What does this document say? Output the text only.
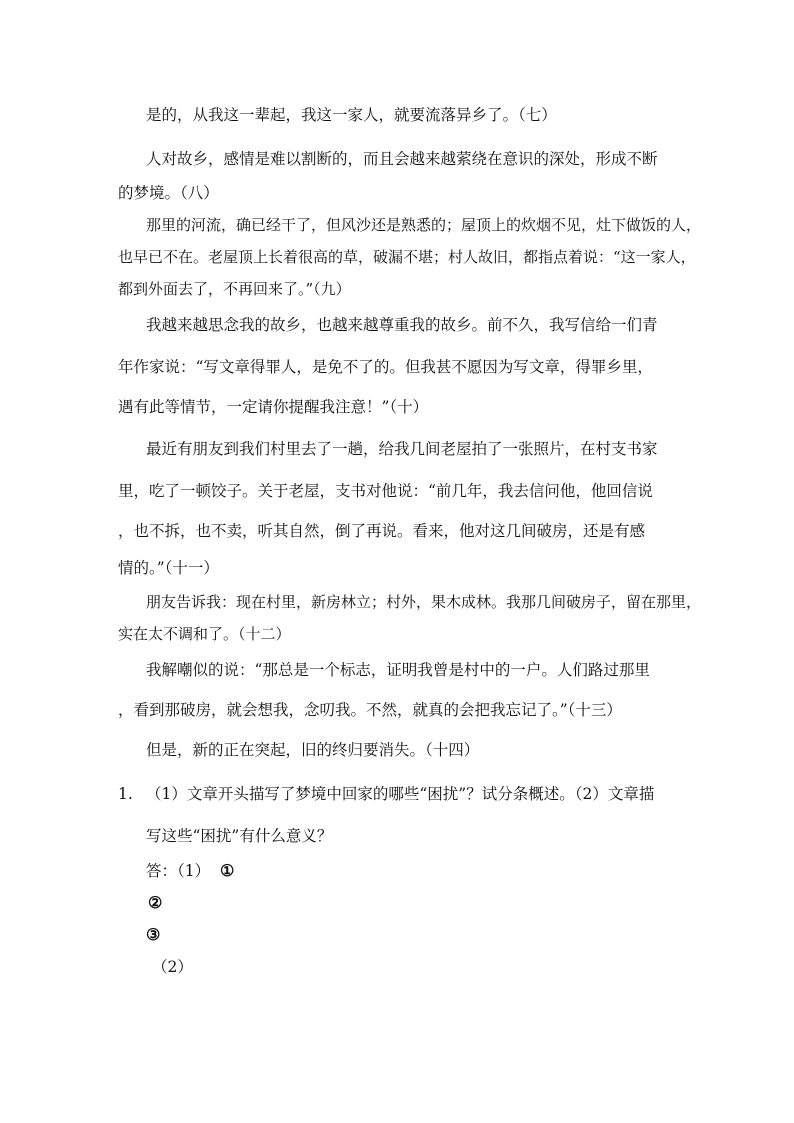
是的，从我这一辈起，我这一家人，就要流落异乡了。（七）
人对故乡，感情是难以割断的，而且会越来越萦绕在意识的深处，形成不断
的梦境。（八）
那里的河流，确已经干了，但风沙还是熟悉的；屋顶上的炊烟不见，灶下做饭的人，
也早已不在。老屋顶上长着很高的草，破漏不堪；村人故旧，都指点着说：“这一家人，
都到外面去了，不再回来了。”（九）
我越来越思念我的故乡，也越来越尊重我的故乡。前不久，我写信给一们青
年作家说：“写文章得罪人，是免不了的。但我甚不愿因为写文章，得罪乡里，
遇有此等情节，一定请你提醒我注意！”（十）
最近有朋友到我们村里去了一趟，给我几间老屋拍了一张照片，在村支书家
里，吃了一顿饺子。关于老屋，支书对他说：“前几年，我去信问他，他回信说
，也不拆，也不卖，听其自然，倒了再说。看来，他对这几间破房，还是有感
情的。”（十一）
朋友告诉我：现在村里，新房林立；村外，果木成林。我那几间破房子，留在那里，
实在太不调和了。（十二）
我解嘲似的说：“那总是一个标志，证明我曾是村中的一户。人们路过那里
，看到那破房，就会想我，念叨我。不然，就真的会把我忘记了。”（十三）
但是，新的正在突起，旧的终归要消失。（十四）
1. （1）文章开头描写了梦境中回家的哪些“困扰”？试分条概述。（2）文章描
写这些“困扰”有什么意义？
答：（1） ①
②
③
（2）
